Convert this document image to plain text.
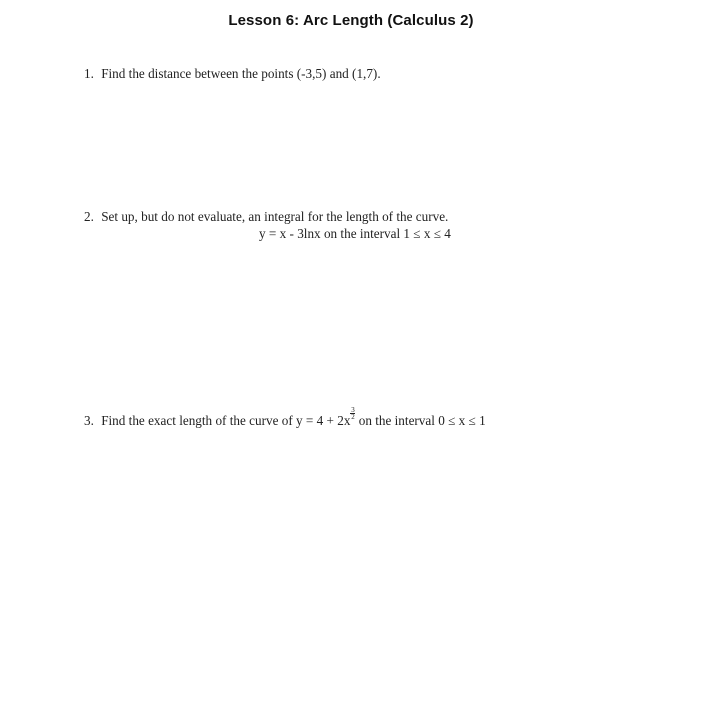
Lesson 6: Arc Length (Calculus 2)
1. Find the distance between the points (-3,5) and (1,7).
2. Set up, but do not evaluate, an integral for the length of the curve.
y = x - 3lnx on the interval 1 ≤ x ≤ 4
3. Find the exact length of the curve of $y = 4 + 2x \frac{3}{2}$ on the interval 0 ≤ x ≤ 1
